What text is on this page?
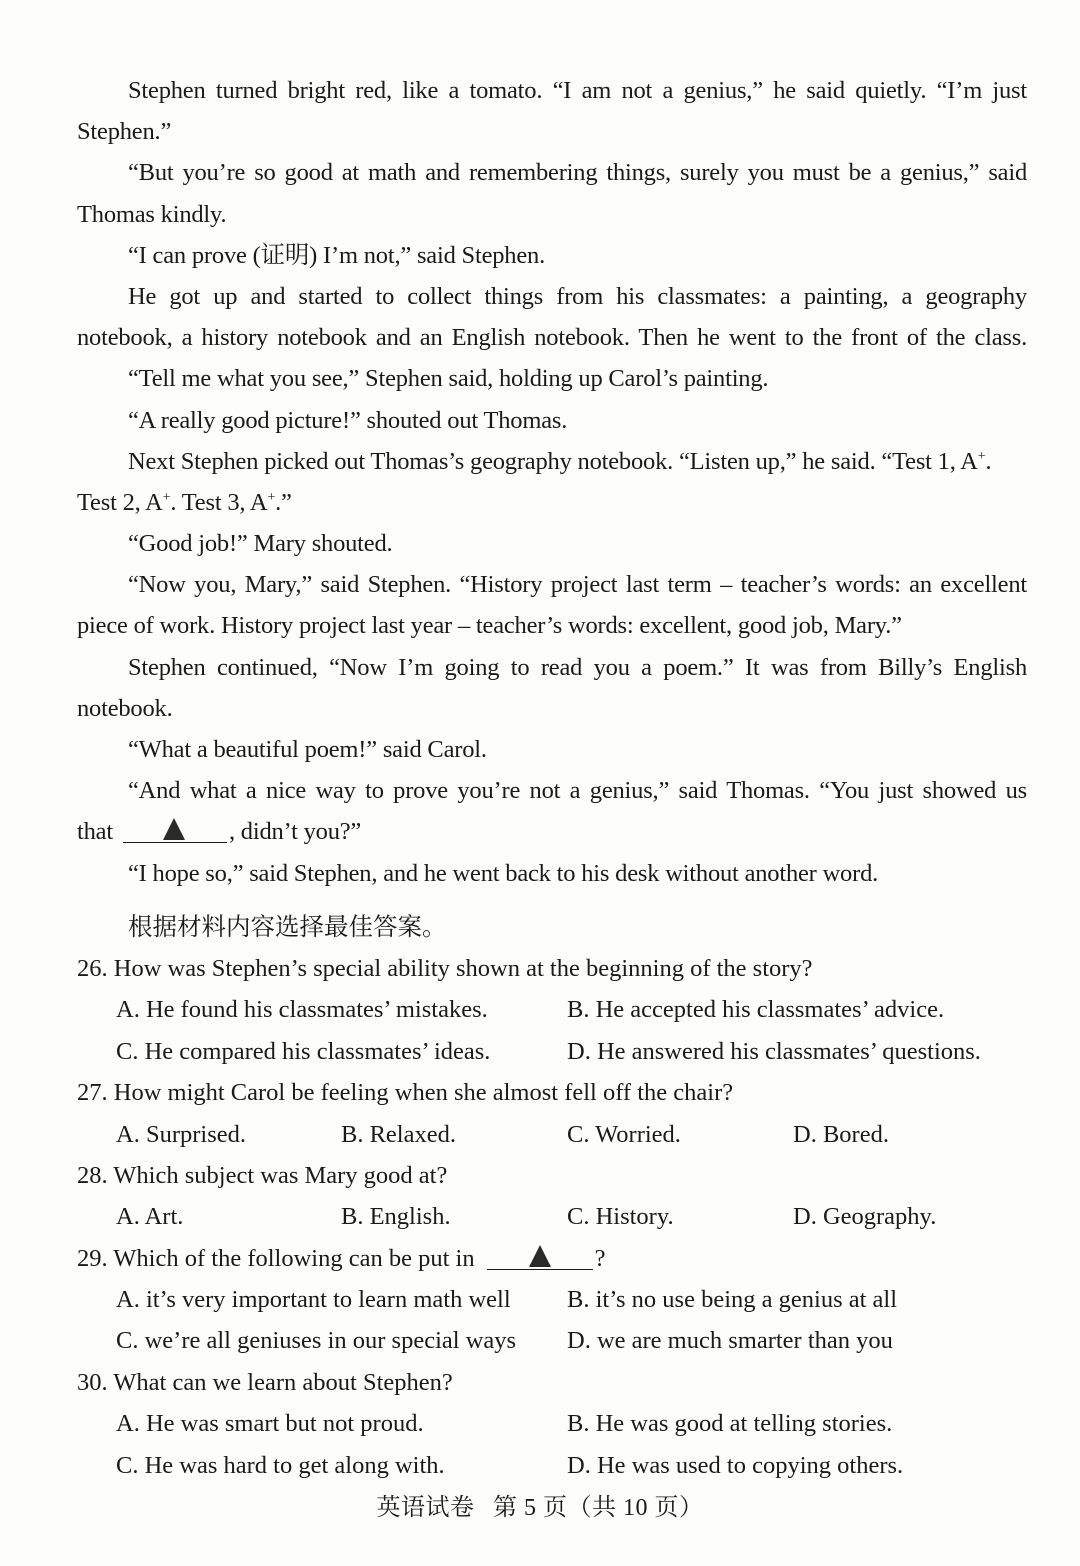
Stephen turned bright red, like a tomato. “I am not a genius,” he said quietly. “I’m just
Stephen.”
“But you’re so good at math and remembering things, surely you must be a genius,” said
Thomas kindly.
“I can prove (证明) I’m not,” said Stephen.
He got up and started to collect things from his classmates: a painting, a geography
notebook, a history notebook and an English notebook. Then he went to the front of the class.
“Tell me what you see,” Stephen said, holding up Carol’s painting.
“A really good picture!” shouted out Thomas.
Next Stephen picked out Thomas’s geography notebook. “Listen up,” he said. “Test 1, A+.
Test 2, A+. Test 3, A+.”
“Good job!” Mary shouted.
“Now you, Mary,” said Stephen. “History project last term – teacher’s words: an excellent
piece of work. History project last year – teacher’s words: excellent, good job, Mary.”
Stephen continued, “Now I’m going to read you a poem.” It was from Billy’s English
notebook.
“What a beautiful poem!” said Carol.
“And what a nice way to prove you’re not a genius,” said Thomas. “You just showed us
that	, didn’t you?”
“I hope so,” said Stephen, and he went back to his desk without another word.
根据材料内容选择最佳答案。
26. How was Stephen’s special ability shown at the beginning of the story?
A. He found his classmates’ mistakes.	B. He accepted his classmates’ advice.
C. He compared his classmates’ ideas.	D. He answered his classmates’ questions.
27. How might Carol be feeling when she almost fell off the chair?
A. Surprised.	B. Relaxed.	C. Worried.	D. Bored.
28. Which subject was Mary good at?
A. Art.	B. English.	C. History.	D. Geography.
29. Which of the following can be put in	?
A. it’s very important to learn math well B. it’s no use being a genius at all
C. we’re all geniuses in our special ways D. we are much smarter than you
30. What can we learn about Stephen?
A. He was smart but not proud.	B. He was good at telling stories.
C. He was hard to get along with.	D. He was used to copying others.
英语试卷 第 5 页（共 10 页）
